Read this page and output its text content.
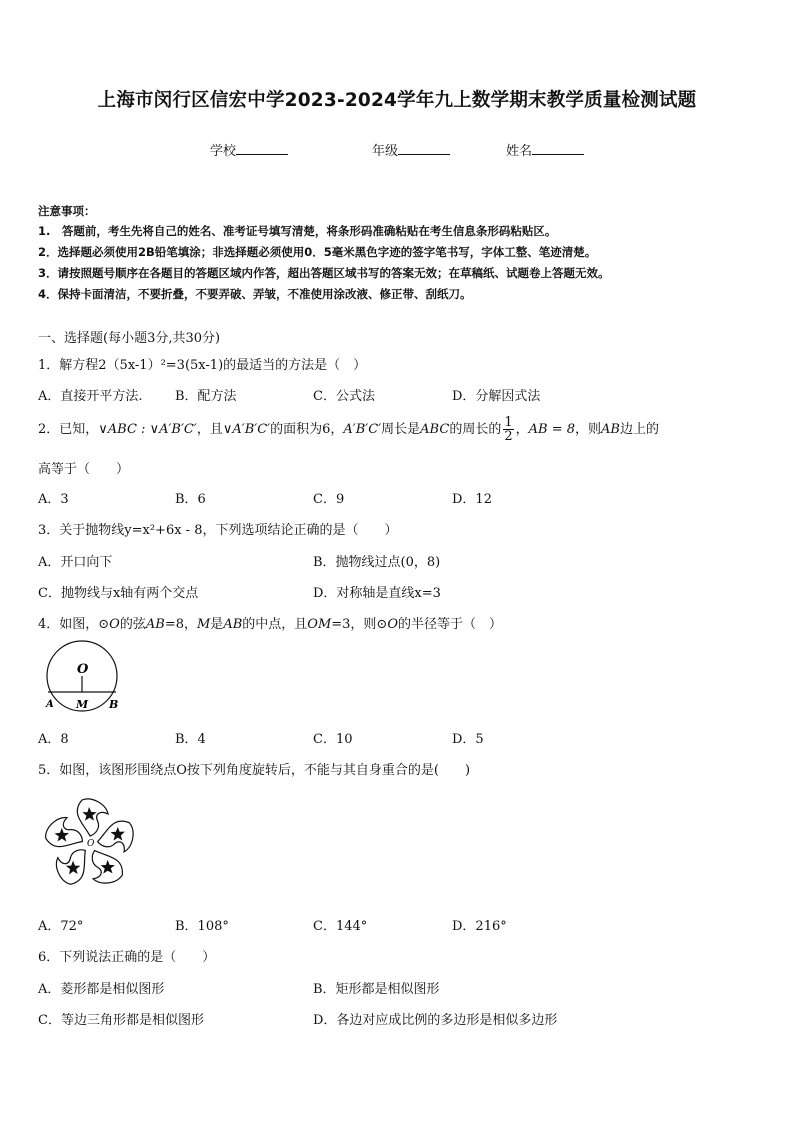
上海市闵行区信宏中学2023-2024学年九上数学期末教学质量检测试题
学校	年级	姓名
注意事项：
1.　答题前，考生先将自己的姓名、准考证号填写清楚，将条形码准确粘贴在考生信息条形码粘贴区。
2．选择题必须使用2B铅笔填涂；非选择题必须使用0．5毫米黑色字迹的签字笔书写，字体工整、笔迹清楚。
3．请按照题号顺序在各题目的答题区域内作答，超出答题区域书写的答案无效；在草稿纸、试题卷上答题无效。
4．保持卡面清洁，不要折叠，不要弄破、弄皱，不准使用涂改液、修正带、刮纸刀。
一、选择题(每小题3分,共30分)
1．解方程2（5x-1）²=3(5x-1)的最适当的方法是（　）
A．直接开平方法. B．配方法	C．公式法	D．分解因式法
2．已知，∨ABC : ∨A′B′C′，且∨A′B′C′的面积为6，A′B′C′周长是ABC的周长的 $\frac{1}{2}$ ，AB = 8，则AB边上的
高等于（　　）
A．3	B．6	C．9	D．12
3．关于抛物线y=x²+6x - 8，下列选项结论正确的是（　　）
A．开口向下	B．抛物线过点(0，8)
C．抛物线与x轴有两个交点	D．对称轴是直线x=3
4．如图，⊙O的弦AB=8，M是AB的中点，且OM=3，则⊙O的半径等于（　）
O
A M B
A．8	B．4	C．10	D．5
5．如图，该图形围绕点O按下列角度旋转后，不能与其自身重合的是(　　)
O
A．72°	B．108°	C．144°	D．216°
6．下列说法正确的是（　　）
A．菱形都是相似图形	B．矩形都是相似图形
C．等边三角形都是相似图形	D．各边对应成比例的多边形是相似多边形
